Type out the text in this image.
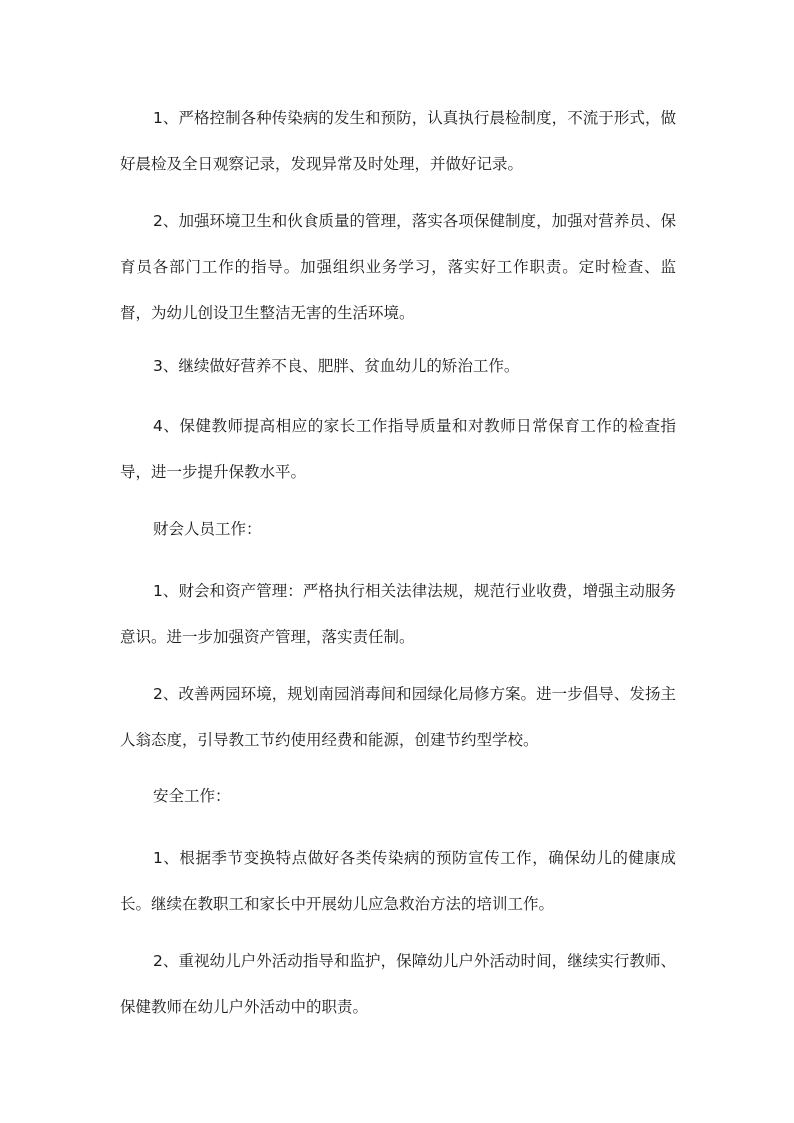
1、严格控制各种传染病的发生和预防，认真执行晨检制度，不流于形式，做好晨检及全日观察记录，发现异常及时处理，并做好记录。

2、加强环境卫生和伙食质量的管理，落实各项保健制度，加强对营养员、保育员各部门工作的指导。加强组织业务学习，落实好工作职责。定时检查、监督，为幼儿创设卫生整洁无害的生活环境。

3、继续做好营养不良、肥胖、贫血幼儿的矫治工作。

4、保健教师提高相应的家长工作指导质量和对教师日常保育工作的检查指导，进一步提升保教水平。

财会人员工作：

1、财会和资产管理：严格执行相关法律法规，规范行业收费，增强主动服务意识。进一步加强资产管理，落实责任制。

2、改善两园环境，规划南园消毒间和园绿化局修方案。进一步倡导、发扬主人翁态度，引导教工节约使用经费和能源，创建节约型学校。

安全工作：

1、根据季节变换特点做好各类传染病的预防宣传工作，确保幼儿的健康成长。继续在教职工和家长中开展幼儿应急救治方法的培训工作。

2、重视幼儿户外活动指导和监护，保障幼儿户外活动时间，继续实行教师、保健教师在幼儿户外活动中的职责。
